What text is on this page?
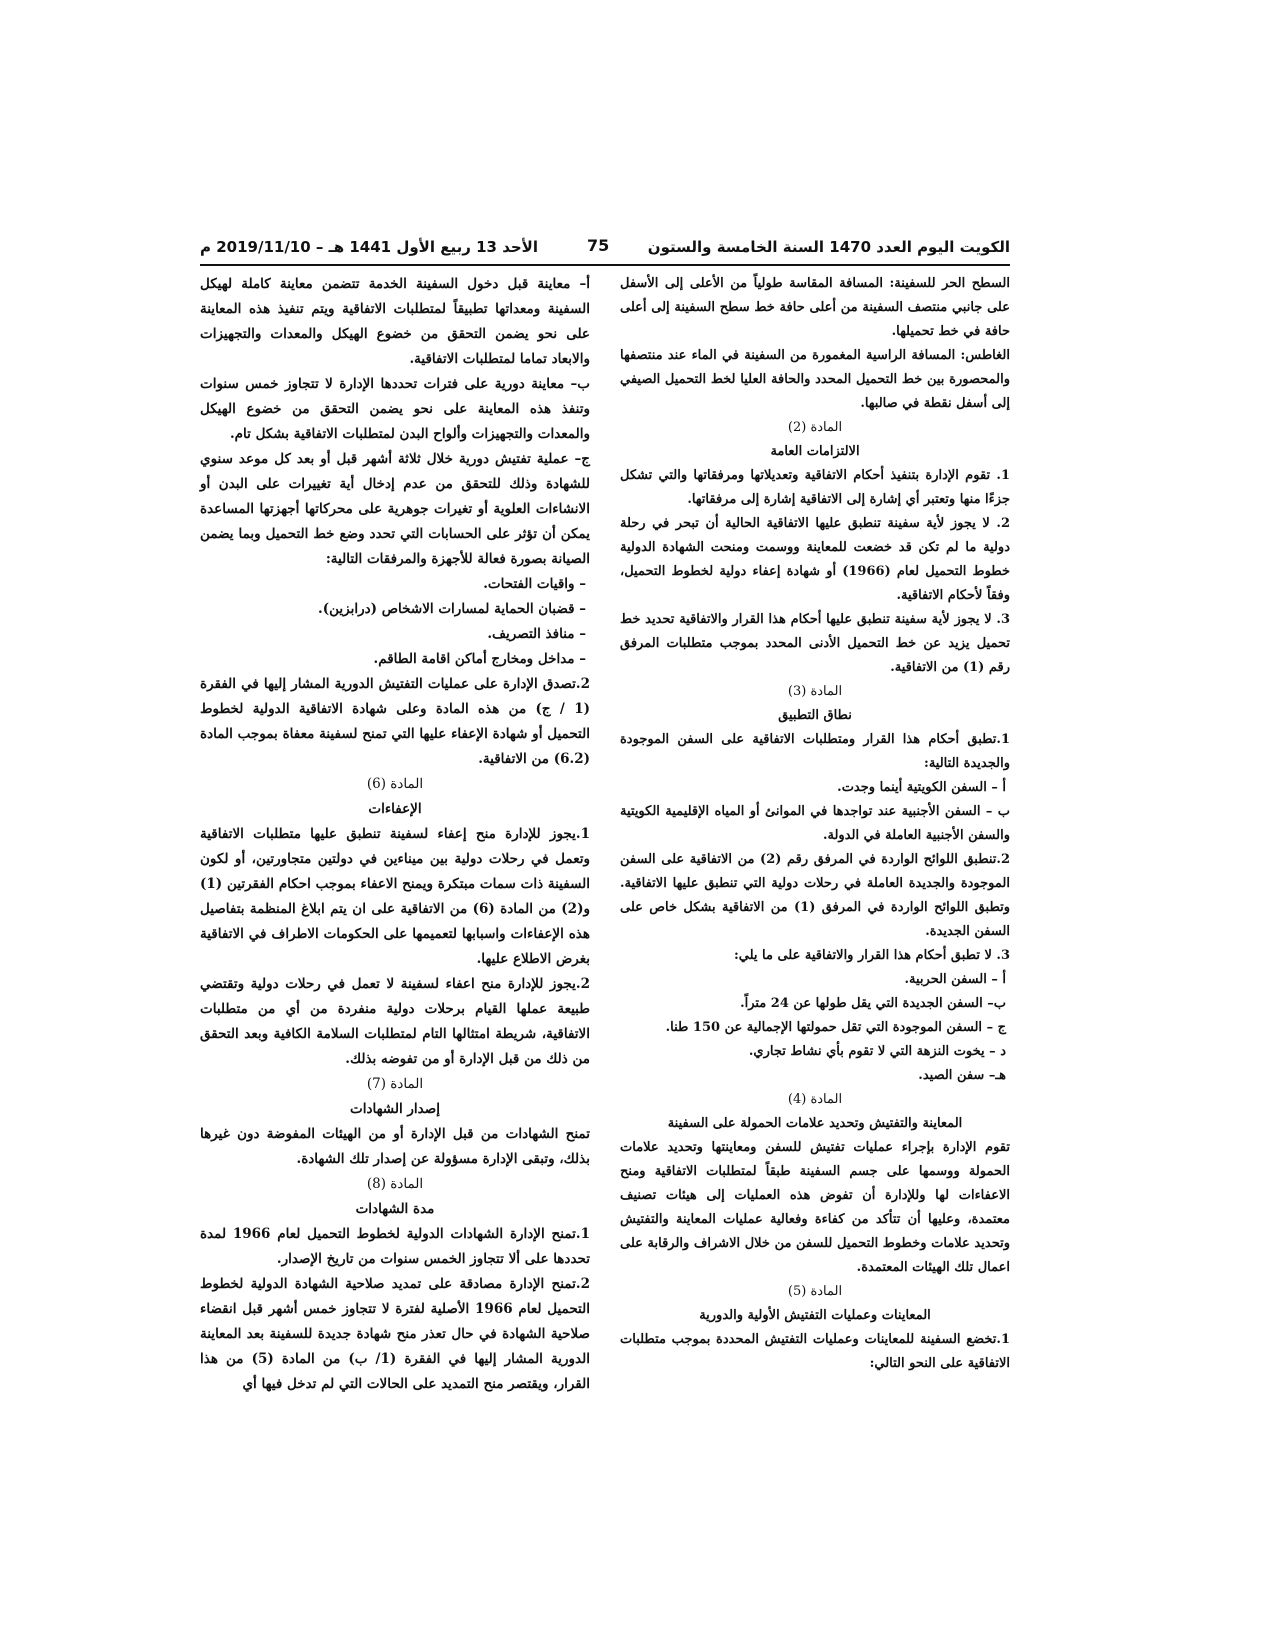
الكويت اليوم العدد 1470 السنة الخامسة والستون
75
الأحد 13 ربيع الأول 1441 هـ – 2019/11/10 م

السطح الحر للسفينة: المسافة المقاسة طولياً من الأعلى إلى الأسفل على جانبي منتصف السفينة من أعلى حافة خط سطح السفينة إلى أعلى حافة في خط تحميلها.

الغاطس: المسافة الراسية المغمورة من السفينة في الماء عند منتصفها والمحصورة بين خط التحميل المحدد والحافة العليا لخط التحميل الصيفي إلى أسفل نقطة في صالبها.

المادة (2)

الالتزامات العامة

1. تقوم الإدارة بتنفيذ أحكام الاتفاقية وتعديلاتها ومرفقاتها والتي تشكل جزءًا منها وتعتبر أي إشارة إلى الاتفاقية إشارة إلى مرفقاتها.

2. لا يجوز لأية سفينة تنطبق عليها الاتفاقية الحالية أن تبحر في رحلة دولية ما لم تكن قد خضعت للمعاينة ووسمت ومنحت الشهادة الدولية خطوط التحميل لعام (1966) أو شهادة إعفاء دولية لخطوط التحميل، وفقاً لأحكام الاتفاقية.

3. لا يجوز لأية سفينة تنطبق عليها أحكام هذا القرار والاتفاقية تحديد خط تحميل يزيد عن خط التحميل الأدنى المحدد بموجب متطلبات المرفق رقم (1) من الاتفاقية.

المادة (3)

نطاق التطبيق

1.تطبق أحكام هذا القرار ومتطلبات الاتفاقية على السفن الموجودة والجديدة التالية:

أ – السفن الكويتية أينما وجدت.

ب – السفن الأجنبية عند تواجدها في الموانئ أو المياه الإقليمية الكويتية والسفن الأجنبية العاملة في الدولة.

2.تنطبق اللوائح الواردة في المرفق رقم (2) من الاتفاقية على السفن الموجودة والجديدة العاملة في رحلات دولية التي تنطبق عليها الاتفاقية. وتطبق اللوائح الواردة في المرفق (1) من الاتفاقية بشكل خاص على السفن الجديدة.

3. لا تطبق أحكام هذا القرار والاتفاقية على ما يلي:

أ – السفن الحربية.

ب– السفن الجديدة التي يقل طولها عن 24 متراً.

ج – السفن الموجودة التي تقل حمولتها الإجمالية عن 150 طنا.

د – يخوت النزهة التي لا تقوم بأي نشاط تجاري.

هـ– سفن الصيد.

المادة (4)

المعاينة والتفتيش وتحديد علامات الحمولة على السفينة

تقوم الإدارة بإجراء عمليات تفتيش للسفن ومعاينتها وتحديد علامات الحمولة ووسمها على جسم السفينة طبقاً لمتطلبات الاتفاقية ومنح الاعفاءات لها وللإدارة أن تفوض هذه العمليات إلى هيئات تصنيف معتمدة، وعليها أن تتأكد من كفاءة وفعالية عمليات المعاينة والتفتيش وتحديد علامات وخطوط التحميل للسفن من خلال الاشراف والرقابة على اعمال تلك الهيئات المعتمدة.

المادة (5)

المعاينات وعمليات التفتيش الأولية والدورية

1.تخضع السفينة للمعاينات وعمليات التفتيش المحددة بموجب متطلبات الاتفاقية على النحو التالي:

أ– معاينة قبل دخول السفينة الخدمة تتضمن معاينة كاملة لهيكل السفينة ومعداتها تطبيقاً لمتطلبات الاتفاقية ويتم تنفيذ هذه المعاينة على نحو يضمن التحقق من خضوع الهيكل والمعدات والتجهيزات والابعاد تماما لمتطلبات الاتفاقية.

ب– معاينة دورية على فترات تحددها الإدارة لا تتجاوز خمس سنوات وتنفذ هذه المعاينة على نحو يضمن التحقق من خضوع الهيكل والمعدات والتجهيزات وألواح البدن لمتطلبات الاتفاقية بشكل تام.

ج– عملية تفتيش دورية خلال ثلاثة أشهر قبل أو بعد كل موعد سنوي للشهادة وذلك للتحقق من عدم إدخال أية تغييرات على البدن أو الانشاءات العلوية أو تغيرات جوهرية على محركاتها أجهزتها المساعدة يمكن أن تؤثر على الحسابات التي تحدد وضع خط التحميل وبما يضمن الصيانة بصورة فعالة للأجهزة والمرفقات التالية:

– واقيات الفتحات.

– قضبان الحماية لمسارات الاشخاص (درابزين).

– منافذ التصريف.

– مداخل ومخارج أماكن اقامة الطاقم.

2.تصدق الإدارة على عمليات التفتيش الدورية المشار إليها في الفقرة (1 / ج) من هذه المادة وعلى شهادة الاتفاقية الدولية لخطوط التحميل أو شهادة الإعفاء عليها التي تمنح لسفينة معفاة بموجب المادة (6.2) من الاتفاقية.

المادة (6)

الإعفاءات

1.يجوز للإدارة منح إعفاء لسفينة تنطبق عليها متطلبات الاتفاقية وتعمل في رحلات دولية بين ميناءين في دولتين متجاورتين، أو لكون السفينة ذات سمات مبتكرة ويمنح الاعفاء بموجب احكام الفقرتين (1) و(2) من المادة (6) من الاتفاقية على ان يتم ابلاغ المنظمة بتفاصيل هذه الإعفاءات واسبابها لتعميمها على الحكومات الاطراف في الاتفاقية بغرض الاطلاع عليها.

2.يجوز للإدارة منح اعفاء لسفينة لا تعمل في رحلات دولية وتقتضي طبيعة عملها القيام برحلات دولية منفردة من أي من متطلبات الاتفاقية، شريطة امتثالها التام لمتطلبات السلامة الكافية وبعد التحقق من ذلك من قبل الإدارة أو من تفوضه بذلك.

المادة (7)

إصدار الشهادات

تمنح الشهادات من قبل الإدارة أو من الهيئات المفوضة دون غيرها بذلك، وتبقى الإدارة مسؤولة عن إصدار تلك الشهادة.

المادة (8)

مدة الشهادات

1.تمنح الإدارة الشهادات الدولية لخطوط التحميل لعام 1966 لمدة تحددها على ألا تتجاوز الخمس سنوات من تاريخ الإصدار.

2.تمنح الإدارة مصادقة على تمديد صلاحية الشهادة الدولية لخطوط التحميل لعام 1966 الأصلية لفترة لا تتجاوز خمس أشهر قبل انقضاء صلاحية الشهادة في حال تعذر منح شهادة جديدة للسفينة بعد المعاينة الدورية المشار إليها في الفقرة (1/ ب) من المادة (5) من هذا القرار، ويقتصر منح التمديد على الحالات التي لم تدخل فيها أي
